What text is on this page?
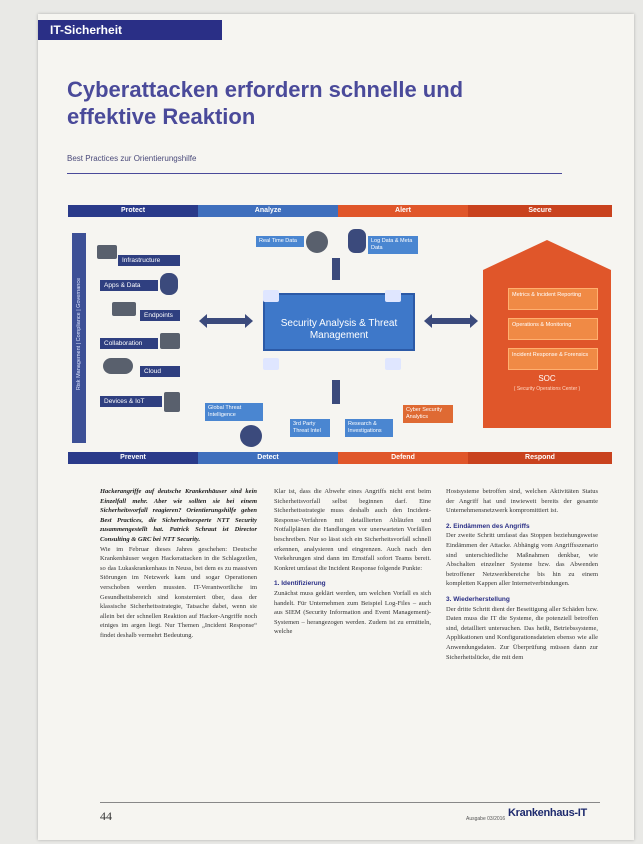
IT-Sicherheit
Cyberattacken erfordern schnelle und
effektive Reaktion
Best Practices zur Orientierungshilfe
Protect	Analyze	Alert	Secure
Prevent	Detect	Defend	Respond
Risk Management | Compliance | Governance
Infrastructure
Apps & Data
Endpoints
Collaboration
Cloud
Devices & IoT
Real Time Data	Log Data & Meta Data
Global Threat Intelligence
3rd Party Threat Intel
Research & Investigations
Cyber Security Analytics
Security Analysis & Threat Management
Metrics & Incident Reporting
Operations & Monitoring
Incident Response & Forensics
SOC
( Security Operations Center )

Hackerangriffe auf deutsche Krankenhäuser sind kein Einzelfall mehr. Aber wie sollten sie bei einem Sicherheitsvorfall reagieren? Orientierungshilfe geben Best Practices, die Sicherheitsexperte NTT Security zusammengestellt hat. Patrick Schraut ist Director Consulting & GRC bei NTT Security.

Wie im Februar dieses Jahres geschehen: Deutsche Krankenhäuser wegen Hackerattacken in die Schlagzeilen, so das Lukaskrankenhaus in Neuss, bei dem es zu massiven Störungen im Netzwerk kam und sogar Operationen verschoben werden mussten. IT-Verantwortliche im Gesundheitsbereich sind konsterniert über, dass der klassische Sicherheitsstrategie, Tatsache dabei, wenn sie allein bei der schnellen Reaktion auf Hacker-Angriffe noch einiges im argen liegt. Nur Themen „Incident Response“ findet deshalb vermehrt Bedeutung.

Klar ist, dass die Abwehr eines Angriffs nicht erst beim Sicherheitsvorfall selbst beginnen darf. Eine Sicherheitsstrategie muss deshalb auch den Incident-Response-Verfahren mit detaillierten Abläufen und Notfallplänen die Handlungen vor unerwarteten Vorfällen beschreiben. Nur so lässt sich ein Sicherheitsvorfall schnell erkennen, analysieren und eingrenzen. Auch nach den Vorkehrungen sind dann im Ernstfall sofort Teams bereit. Konkret umfasst die Incident Response folgende Punkte:

1. Identifizierung

Zunächst muss geklärt werden, um welchen Vorfall es sich handelt. Für Unternehmen zum Beispiel Log-Files – auch aus SIEM (Security Information and Event Management)-Systemen – herangezogen werden. Zudem ist zu ermitteln, welche

Hostsysteme betroffen sind, welchen Aktivitäten Status der Angriff hat und inwieweit bereits der gesamte Unternehmensnetzwerk kompromittiert ist.

2. Eindämmen des Angriffs

Der zweite Schritt umfasst das Stoppen beziehungsweise Eindämmen der Attacke. Abhängig vom Angriffsszenario sind unterschiedliche Maßnahmen denkbar, wie Abschalten einzelner Systeme bzw. das Abwenden betroffener Netzwerkbereiche bis hin zu einem kompletten Kappen aller Internetverbindungen.

3. Wiederherstellung

Der dritte Schritt dient der Beseitigung aller Schäden bzw. Daten muss die IT die Systeme, die potenziell betroffen sind, detailliert untersuchen. Das heißt, Betriebssysteme, Applikationen und Konfigurationsdateien ebenso wie alle Anwendungsdaten. Zur Überprüfung müssen dann zur Sicherheitslücke, die mit dem

44	Ausgabe 03/2016 Krankenhaus-IT
